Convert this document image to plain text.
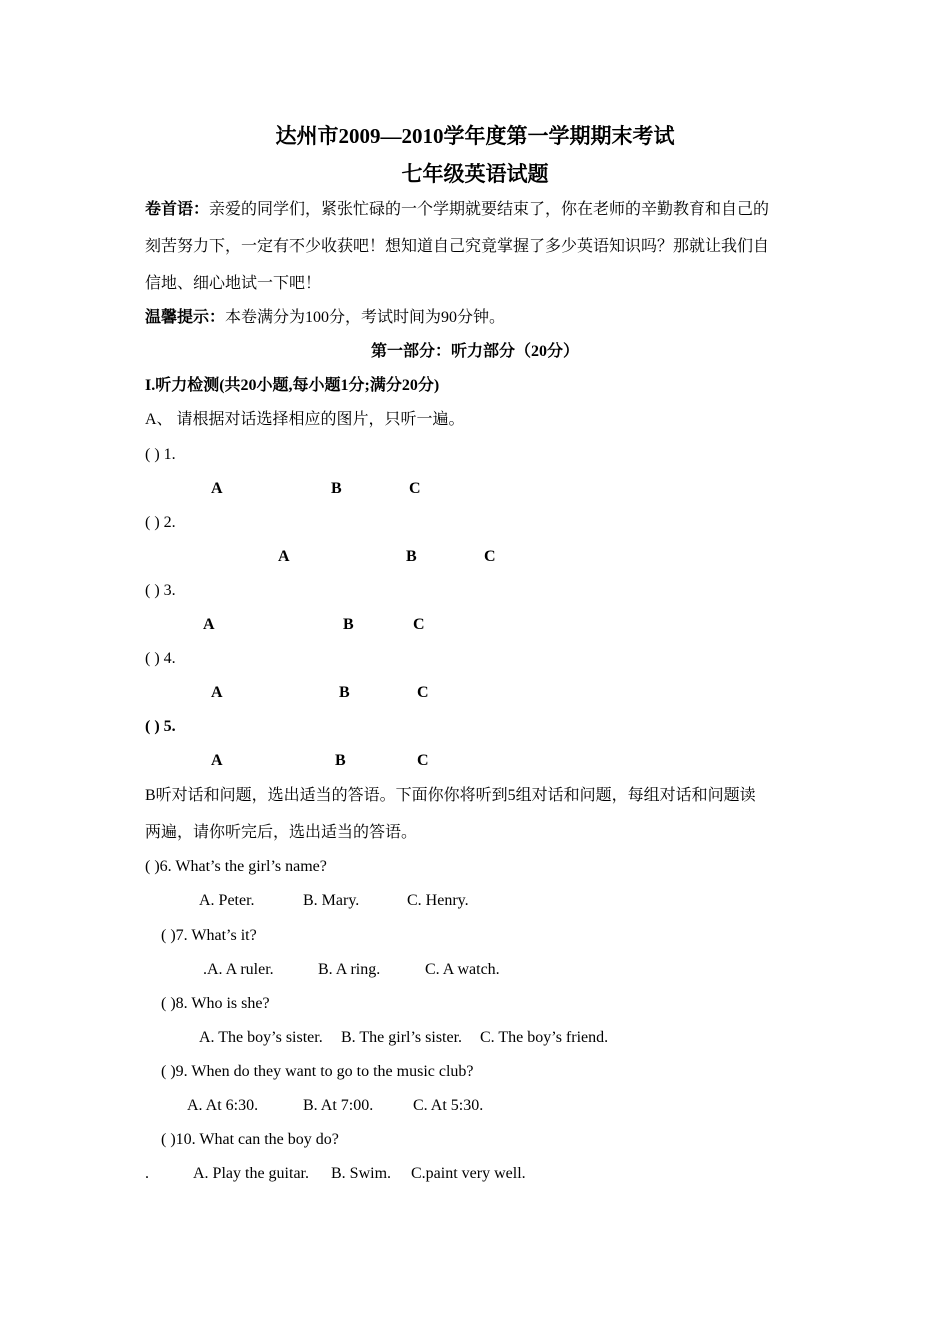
达州市2009—2010学年度第一学期期末考试
七年级英语试题
卷首语：亲爱的同学们，紧张忙碌的一个学期就要结束了，你在老师的辛勤教育和自己的
刻苦努力下，一定有不少收获吧！想知道自己究竟掌握了多少英语知识吗？那就让我们自
信地、细心地试一下吧！
温馨提示：本卷满分为100分，考试时间为90分钟。
第一部分：听力部分（20分）
I.听力检测(共20小题,每小题1分;满分20分)
A、 请根据对话选择相应的图片，只听一遍。
( ) 1.
A	B	C
( ) 2.
A	B	C
( ) 3.
A	B	C
( ) 4.
A	B	C
( ) 5.
A	B	C
B听对话和问题，选出适当的答语。下面你你将听到5组对话和问题，每组对话和问题读
两遍，请你听完后，选出适当的答语。
( )6. What’s the girl’s name?
A. Peter.	B. Mary.	C. Henry.
( )7. What’s it?
.A. A ruler.	B. A ring.	C. A watch.
( )8. Who is she?
A. The boy’s sister. B. The girl’s sister. C. The boy’s friend.
( )9. When do they want to go to the music club?
A. At 6:30.	B. At 7:00. C. At 5:30.
( )10. What can the boy do?
.	A. Play the guitar. B. Swim. C.paint very well.
